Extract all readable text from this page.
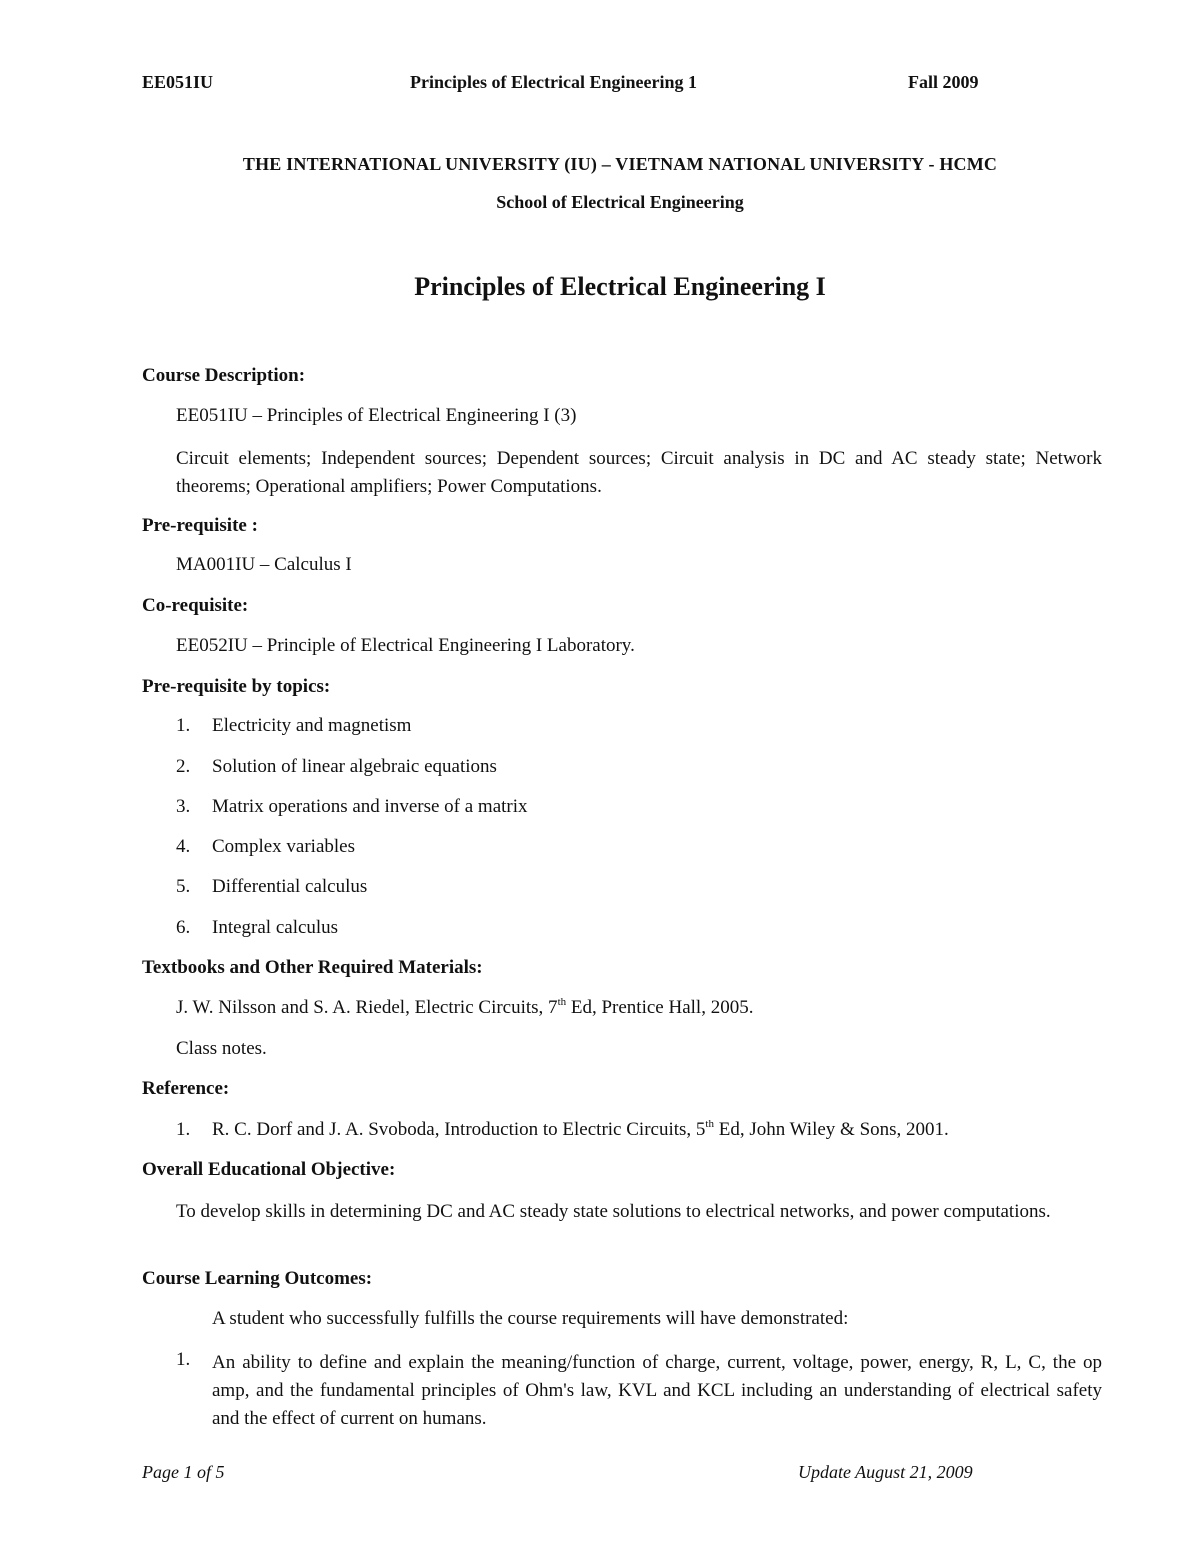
EE051IU	Principles of Electrical Engineering 1	Fall 2009
THE INTERNATIONAL UNIVERSITY (IU) – VIETNAM NATIONAL UNIVERSITY - HCMC
School of Electrical Engineering
Principles of Electrical Engineering I
Course Description:
EE051IU – Principles of Electrical Engineering I (3)
Circuit elements; Independent sources; Dependent sources; Circuit analysis in DC and AC steady state; Network theorems; Operational amplifiers; Power Computations.
Pre-requisite :
MA001IU – Calculus I
Co-requisite:
EE052IU – Principle of Electrical Engineering I Laboratory.
Pre-requisite by topics:
1. Electricity and magnetism
2. Solution of linear algebraic equations
3. Matrix operations and inverse of a matrix
4. Complex variables
5. Differential calculus
6. Integral calculus
Textbooks and Other Required Materials:
J. W. Nilsson and S. A. Riedel, Electric Circuits, 7th Ed, Prentice Hall, 2005.
Class notes.
Reference:
1. R. C. Dorf and J. A. Svoboda, Introduction to Electric Circuits, 5th Ed, John Wiley & Sons, 2001.
Overall Educational Objective:
To develop skills in determining DC and AC steady state solutions to electrical networks, and power computations.
Course Learning Outcomes:
A student who successfully fulfills the course requirements will have demonstrated:
1. An ability to define and explain the meaning/function of charge, current, voltage, power, energy, R, L, C, the op amp, and the fundamental principles of Ohm's law, KVL and KCL including an understanding of electrical safety and the effect of current on humans.
Page 1 of 5	Update August 21, 2009
